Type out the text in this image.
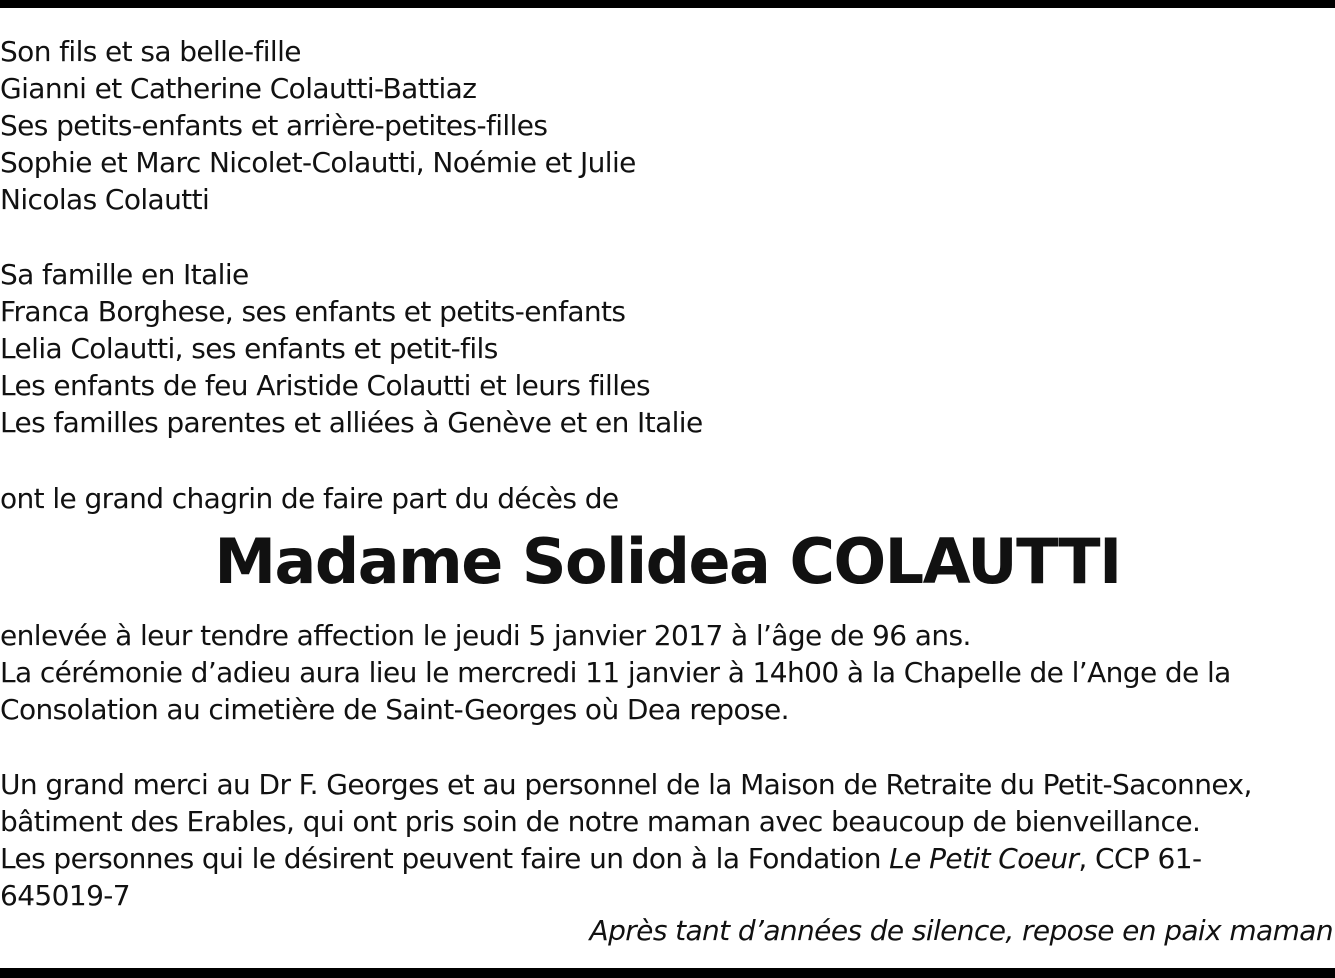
Son fils et sa belle-fille
Gianni et Catherine Colautti-Battiaz
Ses petits-enfants et arrière-petites-filles
Sophie et Marc Nicolet-Colautti, Noémie et Julie
Nicolas Colautti
Sa famille en Italie
Franca Borghese, ses enfants et petits-enfants
Lelia Colautti, ses enfants et petit-fils
Les enfants de feu Aristide Colautti et leurs filles
Les familles parentes et alliées à Genève et en Italie
ont le grand chagrin de faire part du décès de
Madame Solidea COLAUTTI
enlevée à leur tendre affection le jeudi 5 janvier 2017 à l’âge de 96 ans.
La cérémonie d’adieu aura lieu le mercredi 11 janvier à 14h00 à la Chapelle de l’Ange de la
Consolation au cimetière de Saint-Georges où Dea repose.
Un grand merci au Dr F. Georges et au personnel de la Maison de Retraite du Petit-Saconnex,
bâtiment des Erables, qui ont pris soin de notre maman avec beaucoup de bienveillance.
Les personnes qui le désirent peuvent faire un don à la Fondation Le Petit Coeur, CCP 61-
645019-7
Après tant d’années de silence, repose en paix maman
